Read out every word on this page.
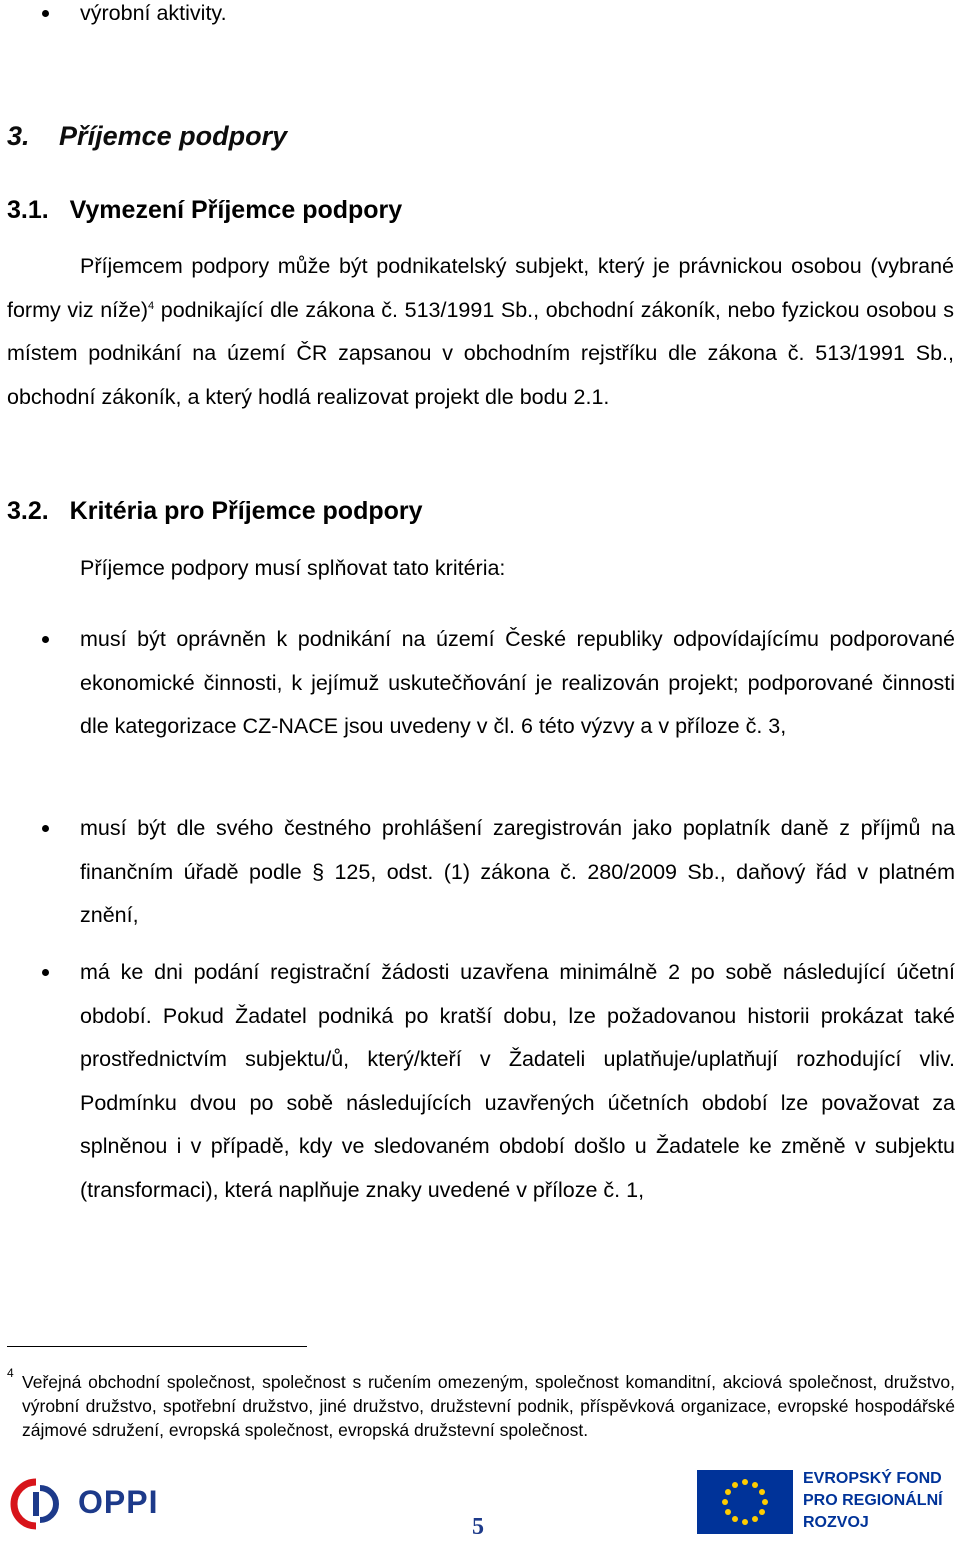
výrobní aktivity.
3. Příjemce podpory
3.1. Vymezení Příjemce podpory
Příjemcem podpory může být podnikatelský subjekt, který je právnickou osobou (vybrané formy viz níže)$^4$ podnikající dle zákona č. 513/1991 Sb., obchodní zákoník, nebo fyzickou osobou s místem podnikání na území ČR zapsanou v obchodním rejstříku dle zákona č. 513/1991 Sb., obchodní zákoník, a který hodlá realizovat projekt dle bodu 2.1.
3.2. Kritéria pro Příjemce podpory
Příjemce podpory musí splňovat tato kritéria:
musí být oprávněn k podnikání na území České republiky odpovídajícímu podporované ekonomické činnosti, k jejímuž uskutečňování je realizován projekt; podporované činnosti dle kategorizace CZ-NACE jsou uvedeny v čl. 6 této výzvy a v příloze č. 3,
musí být dle svého čestného prohlášení zaregistrován jako poplatník daně z příjmů na finančním úřadě podle § 125, odst. (1) zákona č. 280/2009 Sb., daňový řád v platném znění,
má ke dni podání registrační žádosti uzavřena minimálně 2 po sobě následující účetní období. Pokud Žadatel podniká po kratší dobu, lze požadovanou historii prokázat také prostřednictvím subjektu/ů, který/kteří v Žadateli uplatňuje/uplatňují rozhodující vliv. Podmínku dvou po sobě následujících uzavřených účetních období lze považovat za splněnou i v případě, kdy ve sledovaném období došlo u Žadatele ke změně v subjektu (transformaci), která naplňuje znaky uvedené v příloze č. 1,
4 Veřejná obchodní společnost, společnost s ručením omezeným, společnost komanditní, akciová společnost, družstvo, výrobní družstvo, spotřební družstvo, jiné družstvo, družstevní podnik, příspěvková organizace, evropské hospodářské zájmové sdružení, evropská společnost, evropská družstevní společnost.
OPPI
5
EVROPSKÝ FOND
PRO REGIONÁLNÍ
ROZVOJ
